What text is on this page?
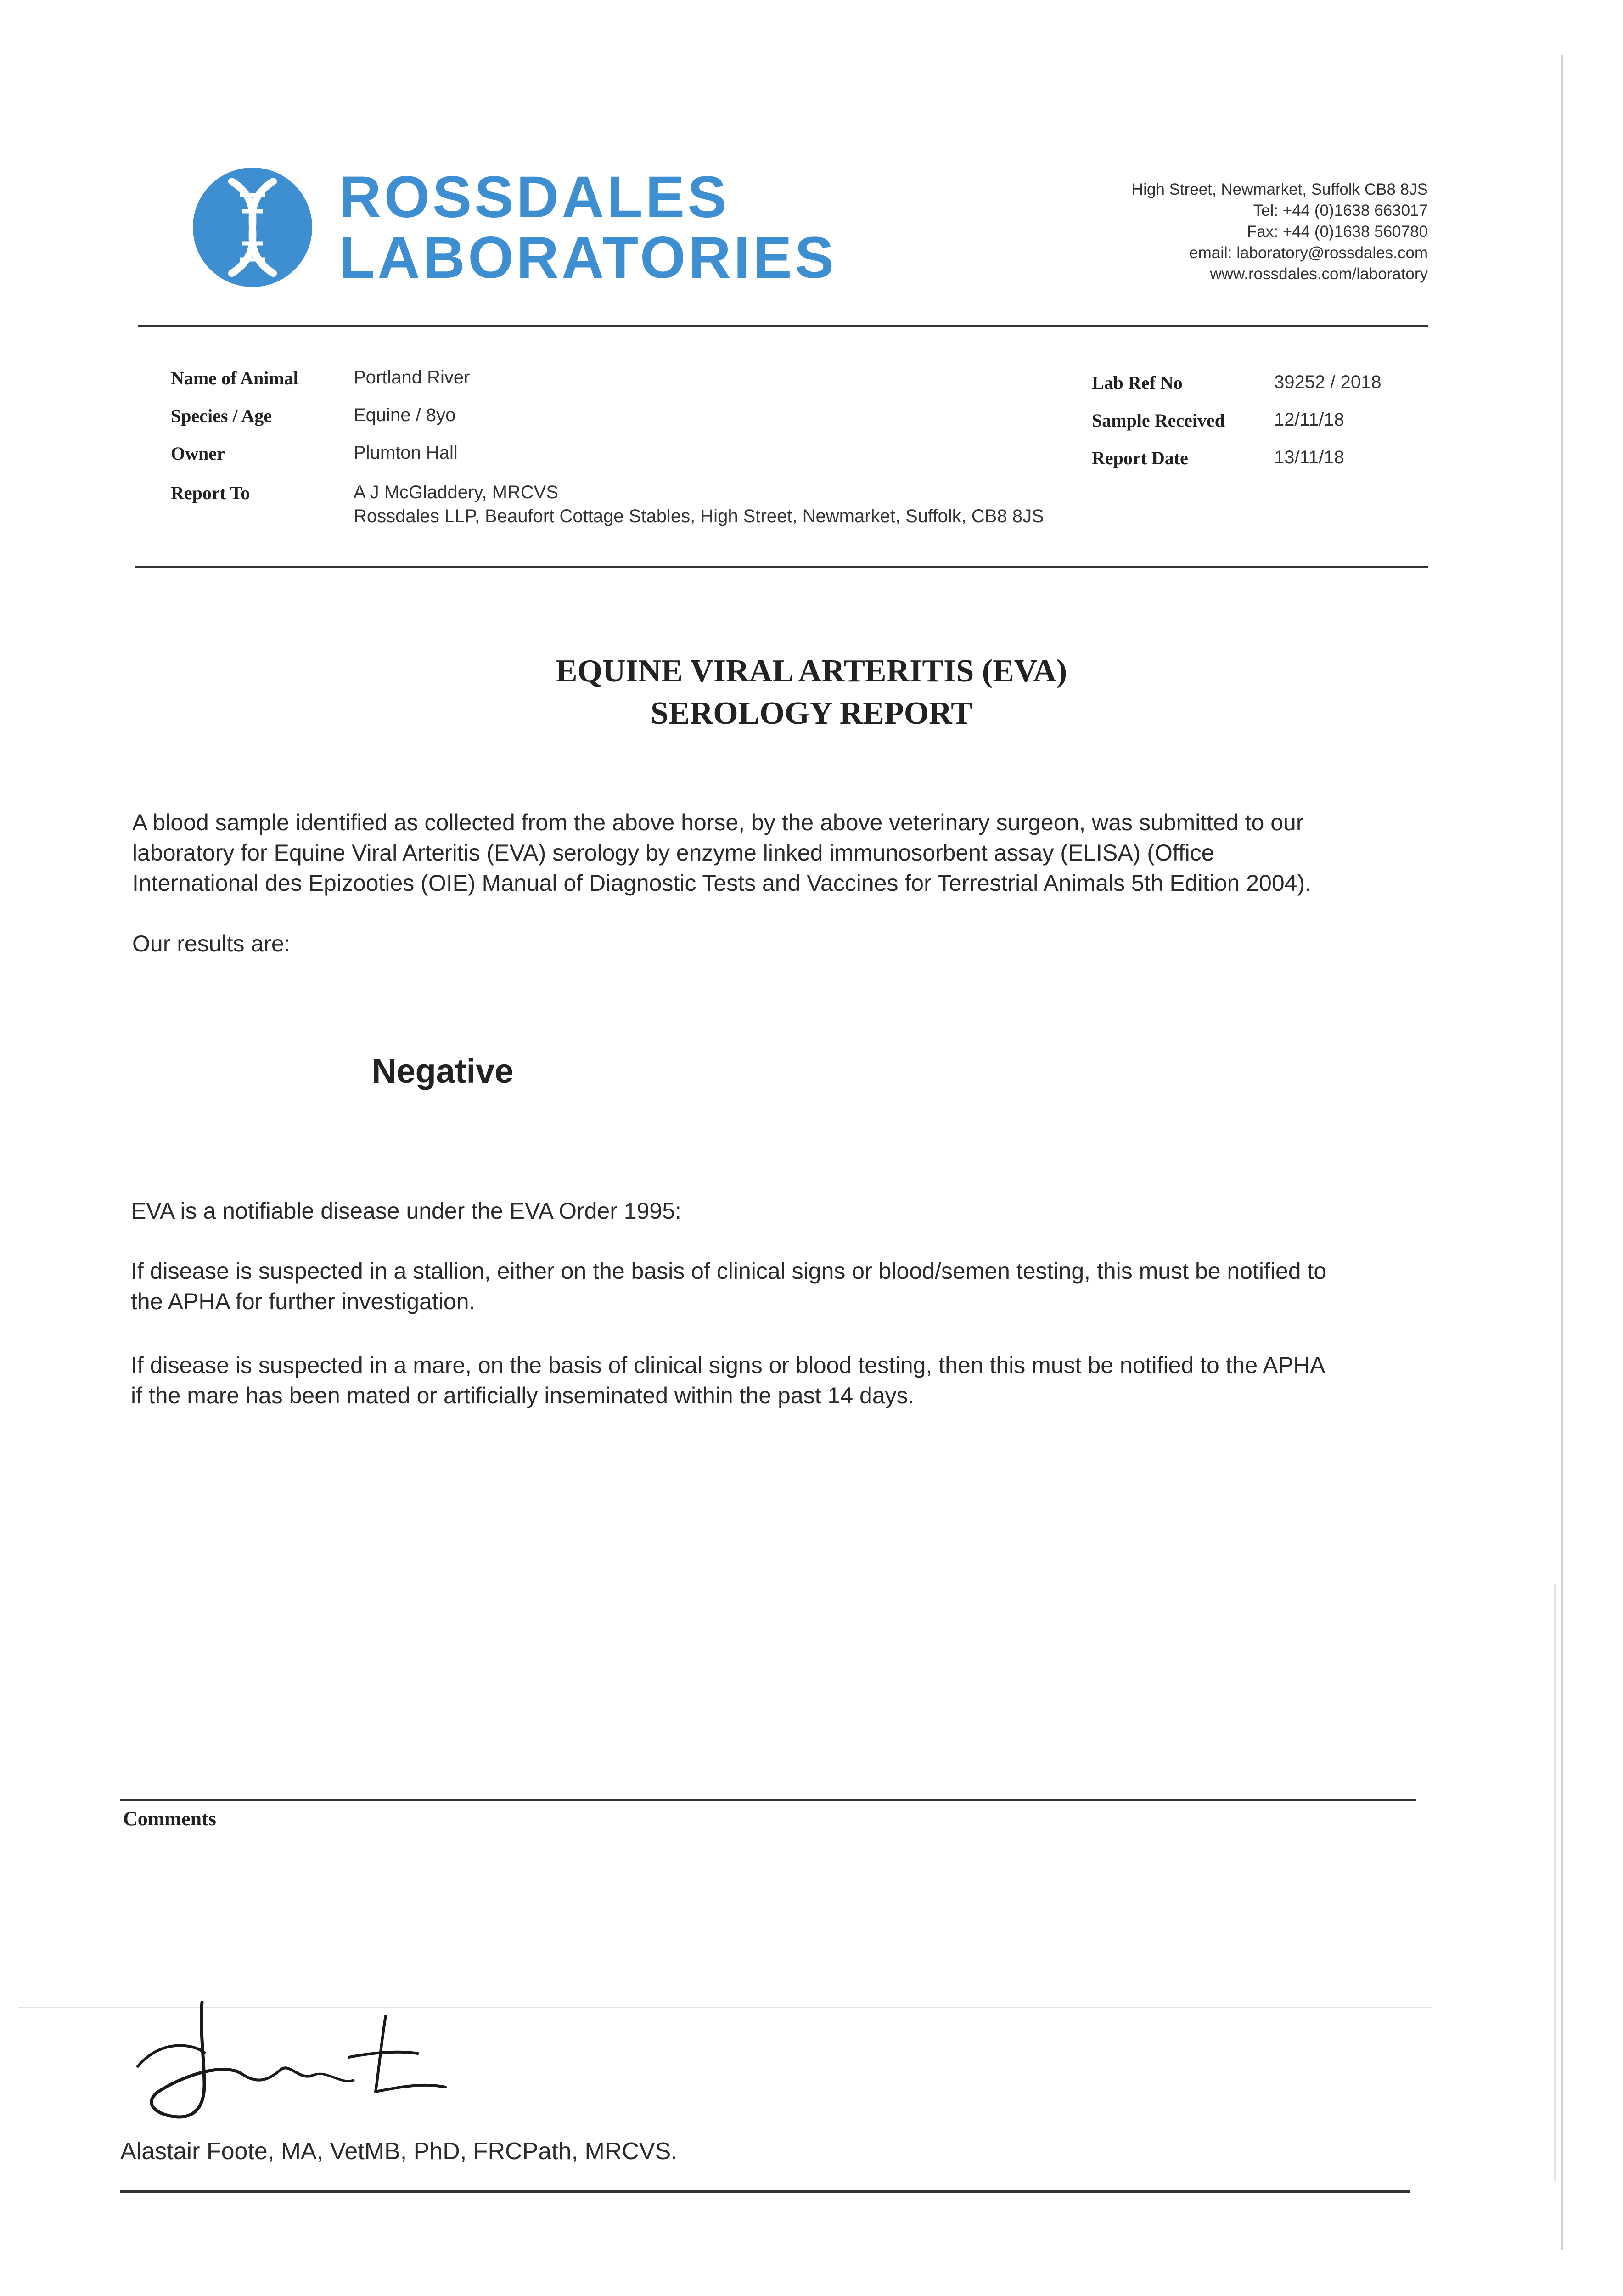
ROSSDALES
LABORATORIES
High Street, Newmarket, Suffolk CB8 8JS
Tel: +44 (0)1638 663017
Fax: +44 (0)1638 560780
email: laboratory@rossdales.com
www.rossdales.com/laboratory
Name of Animal	Portland River
Species / Age	Equine / 8yo
Owner	Plumton Hall
Report To	A J McGladdery, MRCVS
Rossdales LLP, Beaufort Cottage Stables, High Street, Newmarket, Suffolk, CB8 8JS
Lab Ref No	39252 / 2018
Sample Received	12/11/18
Report Date	13/11/18
EQUINE VIRAL ARTERITIS (EVA)
SEROLOGY REPORT
A blood sample identified as collected from the above horse, by the above veterinary surgeon, was submitted to our
laboratory for Equine Viral Arteritis (EVA) serology by enzyme linked immunosorbent assay (ELISA) (Office
International des Epizooties (OIE) Manual of Diagnostic Tests and Vaccines for Terrestrial Animals 5th Edition 2004).
Our results are:
Negative
EVA is a notifiable disease under the EVA Order 1995:
If disease is suspected in a stallion, either on the basis of clinical signs or blood/semen testing, this must be notified to
the APHA for further investigation.
If disease is suspected in a mare, on the basis of clinical signs or blood testing, then this must be notified to the APHA
if the mare has been mated or artificially inseminated within the past 14 days.
Comments
Alastair Foote, MA, VetMB, PhD, FRCPath, MRCVS.
